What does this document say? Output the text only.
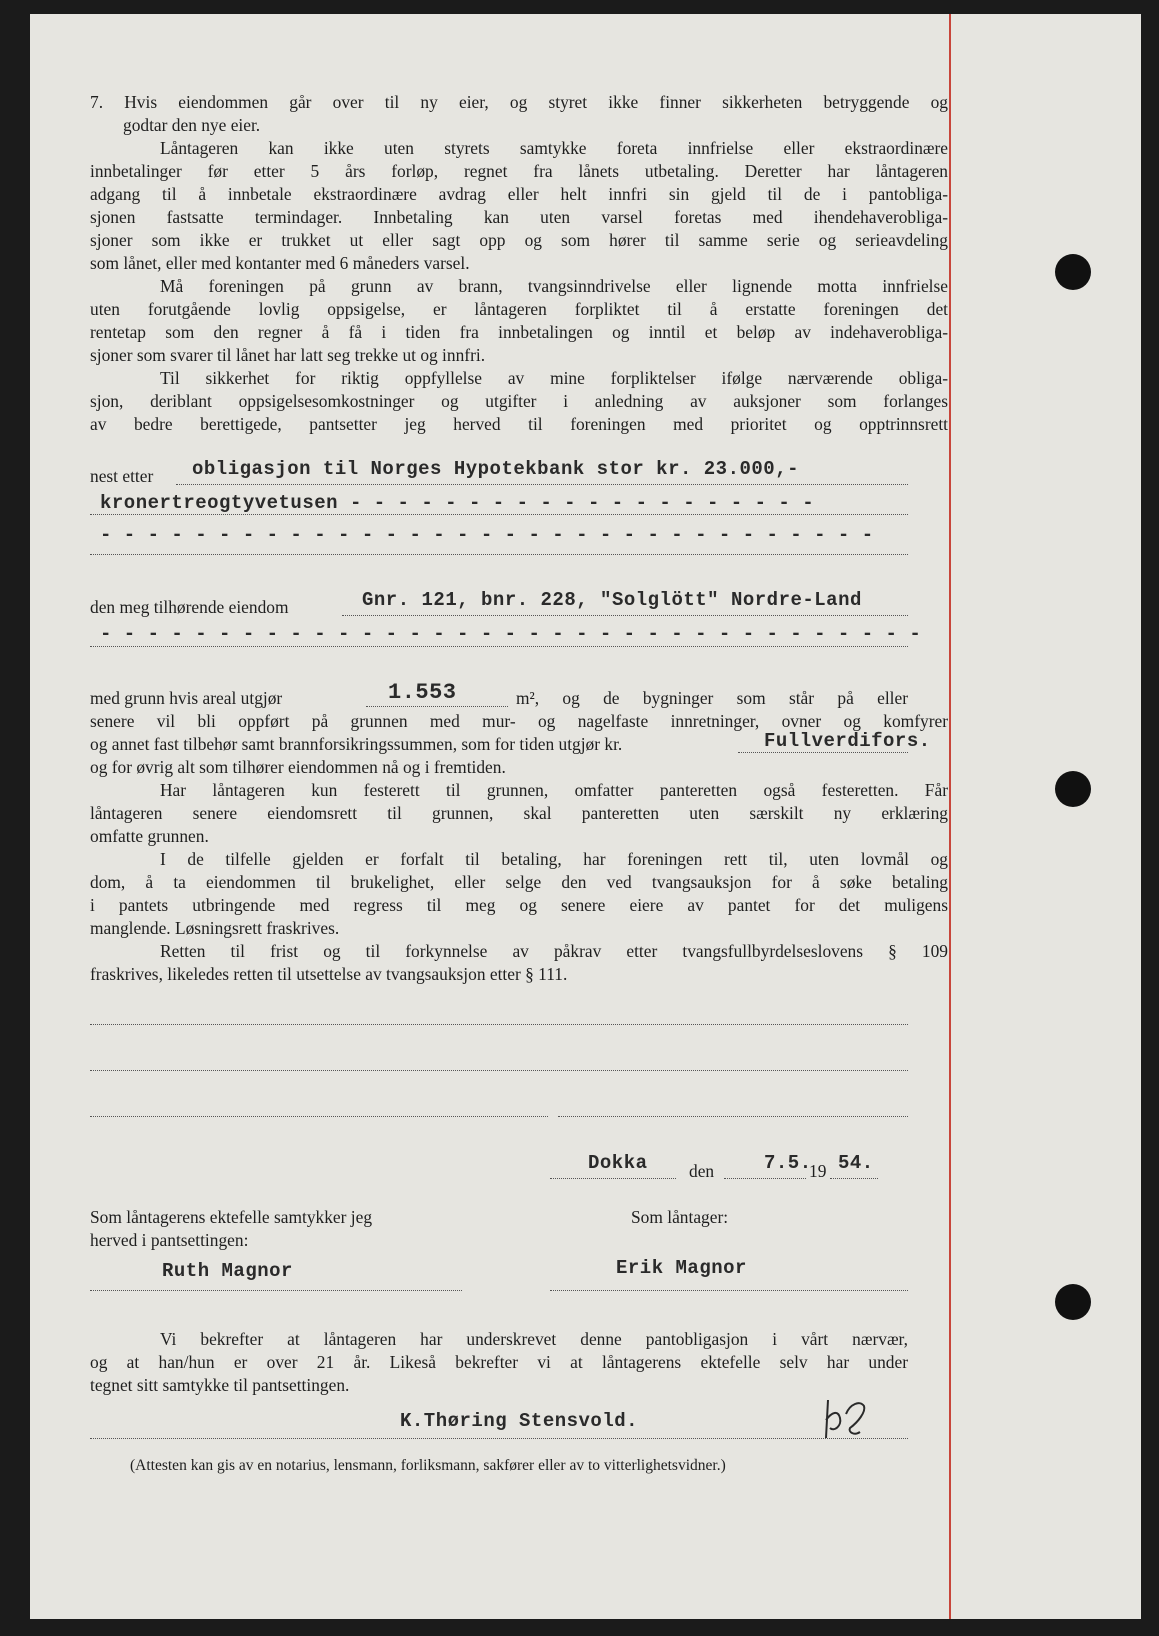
7. Hvis eiendommen går over til ny eier, og styret ikke finner sikkerheten betryggende og
godtar den nye eier.
Låntageren kan ikke uten styrets samtykke foreta innfrielse eller ekstraordinære
innbetalinger før etter 5 års forløp, regnet fra lånets utbetaling. Deretter har låntageren
adgang til å innbetale ekstraordinære avdrag eller helt innfri sin gjeld til de i pantobliga-
sjonen fastsatte termindager. Innbetaling kan uten varsel foretas med ihendehaverobliga-
sjoner som ikke er trukket ut eller sagt opp og som hører til samme serie og serieavdeling
som lånet, eller med kontanter med 6 måneders varsel.
Må foreningen på grunn av brann, tvangsinndrivelse eller lignende motta innfrielse
uten forutgående lovlig oppsigelse, er låntageren forpliktet til å erstatte foreningen det
rentetap som den regner å få i tiden fra innbetalingen og inntil et beløp av indehaverobliga-
sjoner som svarer til lånet har latt seg trekke ut og innfri.
Til sikkerhet for riktig oppfyllelse av mine forpliktelser ifølge nærværende obliga-
sjon, deriblant oppsigelsesomkostninger og utgifter i anledning av auksjoner som forlanges
av bedre berettigede, pantsetter jeg herved til foreningen med prioritet og opptrinnsrett
nest etter obligasjon til Norges Hypotekbank stor kr. 23.000,-
kronertreogtyvetusen - - - - - - - - - - - - - - - - - - - -
- - - - - - - - - - - - - - - - - - - - - - - - - - - - - - - - -
den meg tilhørende eiendom	Gnr. 121, bnr. 228, "Solglött" Nordre-Land
- - - - - - - - - - - - - - - - - - - - - - - - - - - - - - - - - - -
med grunn hvis areal utgjør	1.553	m², og de bygninger som står på eller
senere vil bli oppført på grunnen med mur- og nagelfaste innretninger, ovner og komfyrer
og annet fast tilbehør samt brannforsikringssummen, som for tiden utgjør kr.	Fullverdifors.
og for øvrig alt som tilhører eiendommen nå og i fremtiden.
Har låntageren kun festerett til grunnen, omfatter panteretten også festeretten. Får
låntageren senere eiendomsrett til grunnen, skal panteretten uten særskilt ny erklæring
omfatte grunnen.
I de tilfelle gjelden er forfalt til betaling, har foreningen rett til, uten lovmål og
dom, å ta eiendommen til brukelighet, eller selge den ved tvangsauksjon for å søke betaling
i pantets utbringende med regress til meg og senere eiere av pantet for det muligens
manglende. Løsningsrett fraskrives.
Retten til frist og til forkynnelse av påkrav etter tvangsfullbyrdelseslovens § 109
fraskrives, likeledes retten til utsettelse av tvangsauksjon etter § 111.
Dokka den	7.5.
19 54.
Som låntagerens ektefelle samtykker jeg
herved i pantsettingen:
Som låntager:
Ruth Magnor	Erik Magnor
Vi bekrefter at låntageren har underskrevet denne pantobligasjon i vårt nærvær,
og at han/hun er over 21 år. Likeså bekrefter vi at låntagerens ektefelle selv har under
tegnet sitt samtykke til pantsettingen.
K.Thøring Stensvold.
(Attesten kan gis av en notarius, lensmann, forliksmann, sakfører eller av to vitterlighetsvidner.)
